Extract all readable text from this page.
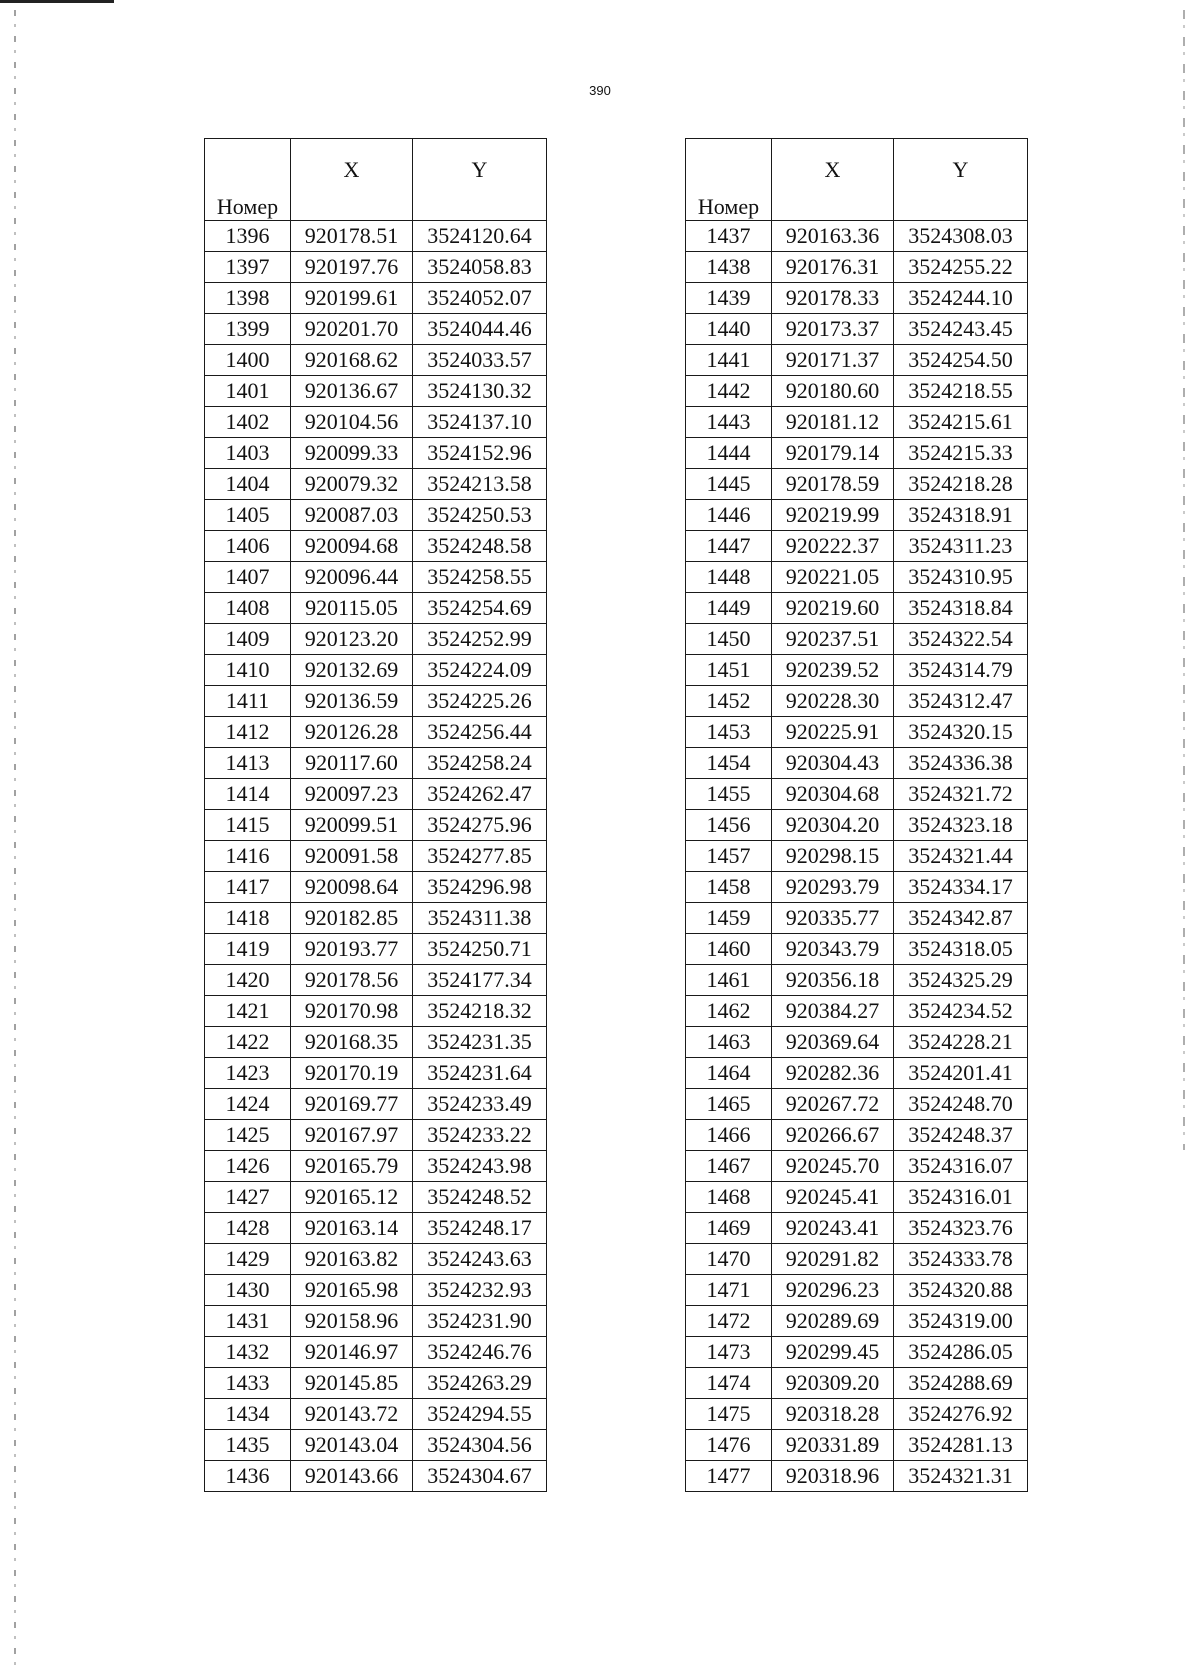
390
Номер	X	Y
1396	920178.51	3524120.64
1397	920197.76	3524058.83
1398	920199.61	3524052.07
1399	920201.70	3524044.46
1400	920168.62	3524033.57
1401	920136.67	3524130.32
1402	920104.56	3524137.10
1403	920099.33	3524152.96
1404	920079.32	3524213.58
1405	920087.03	3524250.53
1406	920094.68	3524248.58
1407	920096.44	3524258.55
1408	920115.05	3524254.69
1409	920123.20	3524252.99
1410	920132.69	3524224.09
1411	920136.59	3524225.26
1412	920126.28	3524256.44
1413	920117.60	3524258.24
1414	920097.23	3524262.47
1415	920099.51	3524275.96
1416	920091.58	3524277.85
1417	920098.64	3524296.98
1418	920182.85	3524311.38
1419	920193.77	3524250.71
1420	920178.56	3524177.34
1421	920170.98	3524218.32
1422	920168.35	3524231.35
1423	920170.19	3524231.64
1424	920169.77	3524233.49
1425	920167.97	3524233.22
1426	920165.79	3524243.98
1427	920165.12	3524248.52
1428	920163.14	3524248.17
1429	920163.82	3524243.63
1430	920165.98	3524232.93
1431	920158.96	3524231.90
1432	920146.97	3524246.76
1433	920145.85	3524263.29
1434	920143.72	3524294.55
1435	920143.04	3524304.56
1436	920143.66	3524304.67
Номер	X	Y
1437	920163.36	3524308.03
1438	920176.31	3524255.22
1439	920178.33	3524244.10
1440	920173.37	3524243.45
1441	920171.37	3524254.50
1442	920180.60	3524218.55
1443	920181.12	3524215.61
1444	920179.14	3524215.33
1445	920178.59	3524218.28
1446	920219.99	3524318.91
1447	920222.37	3524311.23
1448	920221.05	3524310.95
1449	920219.60	3524318.84
1450	920237.51	3524322.54
1451	920239.52	3524314.79
1452	920228.30	3524312.47
1453	920225.91	3524320.15
1454	920304.43	3524336.38
1455	920304.68	3524321.72
1456	920304.20	3524323.18
1457	920298.15	3524321.44
1458	920293.79	3524334.17
1459	920335.77	3524342.87
1460	920343.79	3524318.05
1461	920356.18	3524325.29
1462	920384.27	3524234.52
1463	920369.64	3524228.21
1464	920282.36	3524201.41
1465	920267.72	3524248.70
1466	920266.67	3524248.37
1467	920245.70	3524316.07
1468	920245.41	3524316.01
1469	920243.41	3524323.76
1470	920291.82	3524333.78
1471	920296.23	3524320.88
1472	920289.69	3524319.00
1473	920299.45	3524286.05
1474	920309.20	3524288.69
1475	920318.28	3524276.92
1476	920331.89	3524281.13
1477	920318.96	3524321.31
